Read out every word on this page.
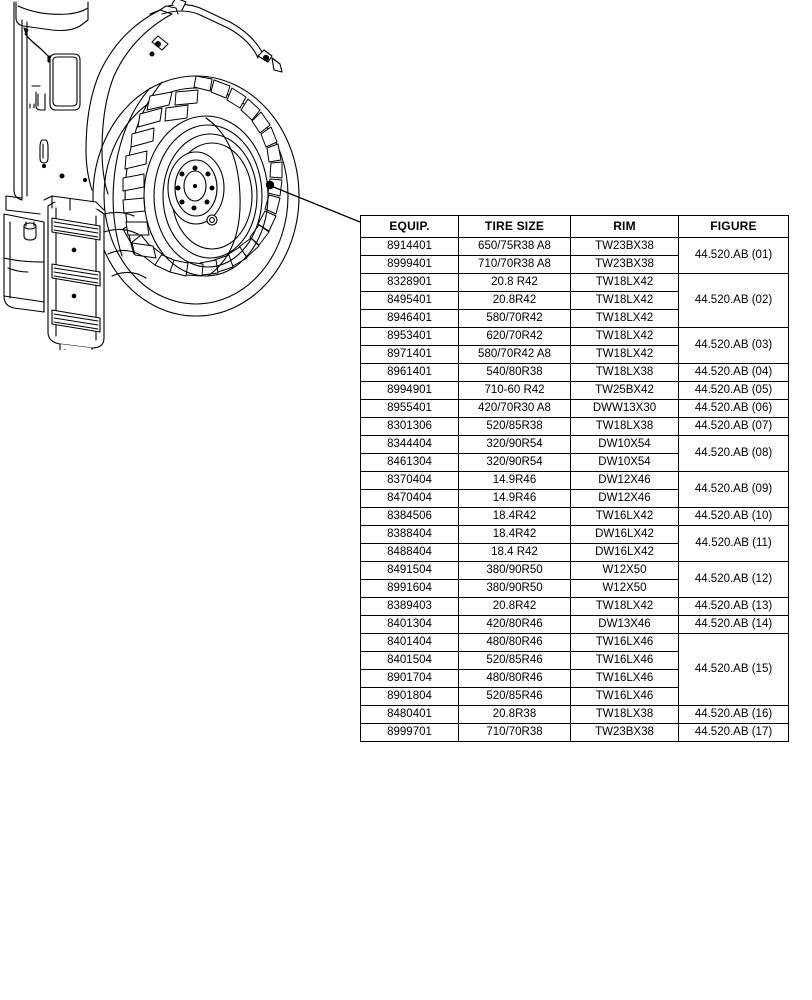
EQUIP.	TIRE SIZE	RIM	FIGURE
8914401	650/75R38 A8	TW23BX38	44.520.AB (01)
8999401	710/70R38 A8	TW23BX38	
8328901	20.8 R42	TW18LX42	44.520.AB (02)
8495401	20.8R42	TW18LX42	
8946401	580/70R42	TW18LX42	
8953401	620/70R42	TW18LX42	44.520.AB (03)
8971401	580/70R42 A8	TW18LX42	
8961401	540/80R38	TW18LX38	44.520.AB (04)
8994901	710-60 R42	TW25BX42	44.520.AB (05)
8955401	420/70R30 A8	DWW13X30	44.520.AB (06)
8301306	520/85R38	TW18LX38	44.520.AB (07)
8344404	320/90R54	DW10X54	44.520.AB (08)
8461304	320/90R54	DW10X54	
8370404	14.9R46	DW12X46	44.520.AB (09)
8470404	14.9R46	DW12X46	
8384506	18.4R42	TW16LX42	44.520.AB (10)
8388404	18.4R42	DW16LX42	44.520.AB (11)
8488404	18.4 R42	DW16LX42	
8491504	380/90R50	W12X50	44.520.AB (12)
8991604	380/90R50	W12X50	
8389403	20.8R42	TW18LX42	44.520.AB (13)
8401304	420/80R46	DW13X46	44.520.AB (14)
8401404	480/80R46	TW16LX46	44.520.AB (15)
8401504	520/85R46	TW16LX46	
8901704	480/80R46	TW16LX46	
8901804	520/85R46	TW16LX46	
8480401	20.8R38	TW18LX38	44.520.AB (16)
8999701	710/70R38	TW23BX38	44.520.AB (17)
